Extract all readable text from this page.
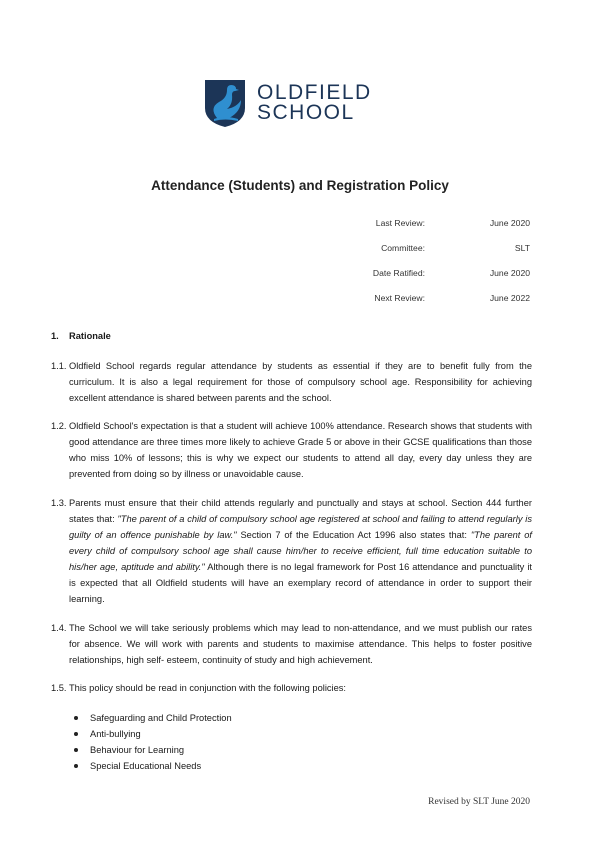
OLDFIELD
SCHOOL
Attendance (Students) and Registration Policy
Last Review:	June 2020
Committee:	SLT
Date Ratified:	June 2020
Next Review:	June 2022
1. Rationale
1.1. Oldfield School regards regular attendance by students as essential if they are to benefit fully from the curriculum. It is also a legal requirement for those of compulsory school age. Responsibility for achieving excellent attendance is shared between parents and the school.
1.2. Oldfield School's expectation is that a student will achieve 100% attendance. Research shows that students with good attendance are three times more likely to achieve Grade 5 or above in their GCSE qualifications than those who miss 10% of lessons; this is why we expect our students to attend all day, every day unless they are prevented from doing so by illness or unavoidable cause.
1.3. Parents must ensure that their child attends regularly and punctually and stays at school. Section 444 further states that: "The parent of a child of compulsory school age registered at school and failing to attend regularly is guilty of an offence punishable by law." Section 7 of the Education Act 1996 also states that: "The parent of every child of compulsory school age shall cause him/her to receive efficient, full time education suitable to his/her age, aptitude and ability." Although there is no legal framework for Post 16 attendance and punctuality it is expected that all Oldfield students will have an exemplary record of attendance in order to support their learning.
1.4. The School we will take seriously problems which may lead to non-attendance, and we must publish our rates for absence. We will work with parents and students to maximise attendance. This helps to foster positive relationships, high self- esteem, continuity of study and high achievement.
1.5. This policy should be read in conjunction with the following policies:
Safeguarding and Child Protection
Anti-bullying
Behaviour for Learning
Special Educational Needs
Revised by SLT June 2020
